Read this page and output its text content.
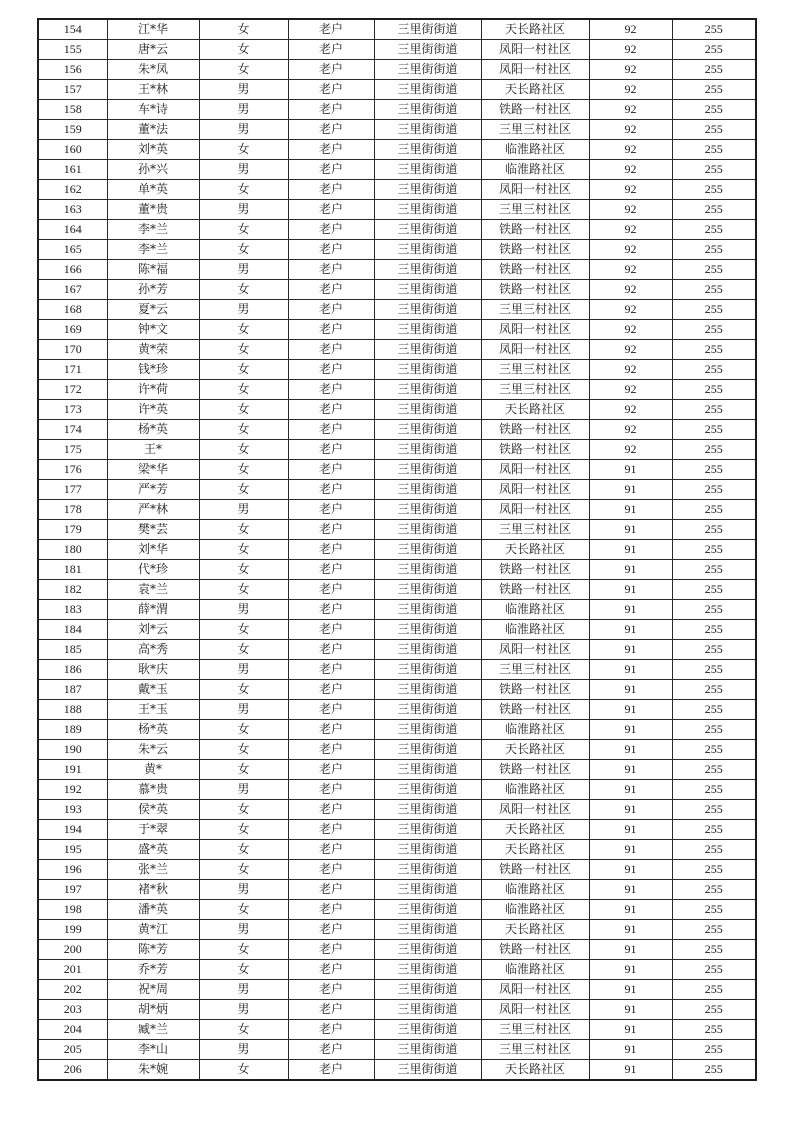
154	江*华	女	老户	三里街街道	天长路社区	92	255
155	唐*云	女	老户	三里街街道	凤阳一村社区	92	255
156	朱*凤	女	老户	三里街街道	凤阳一村社区	92	255
157	王*林	男	老户	三里街街道	天长路社区	92	255
158	车*诗	男	老户	三里街街道	铁路一村社区	92	255
159	董*法	男	老户	三里街街道	三里三村社区	92	255
160	刘*英	女	老户	三里街街道	临淮路社区	92	255
161	孙*兴	男	老户	三里街街道	临淮路社区	92	255
162	单*英	女	老户	三里街街道	凤阳一村社区	92	255
163	董*贵	男	老户	三里街街道	三里三村社区	92	255
164	李*兰	女	老户	三里街街道	铁路一村社区	92	255
165	李*兰	女	老户	三里街街道	铁路一村社区	92	255
166	陈*福	男	老户	三里街街道	铁路一村社区	92	255
167	孙*芳	女	老户	三里街街道	铁路一村社区	92	255
168	夏*云	男	老户	三里街街道	三里三村社区	92	255
169	钟*文	女	老户	三里街街道	凤阳一村社区	92	255
170	黄*荣	女	老户	三里街街道	凤阳一村社区	92	255
171	钱*珍	女	老户	三里街街道	三里三村社区	92	255
172	许*荷	女	老户	三里街街道	三里三村社区	92	255
173	许*英	女	老户	三里街街道	天长路社区	92	255
174	杨*英	女	老户	三里街街道	铁路一村社区	92	255
175	王*	女	老户	三里街街道	铁路一村社区	92	255
176	梁*华	女	老户	三里街街道	凤阳一村社区	91	255
177	严*芳	女	老户	三里街街道	凤阳一村社区	91	255
178	严*林	男	老户	三里街街道	凤阳一村社区	91	255
179	樊*芸	女	老户	三里街街道	三里三村社区	91	255
180	刘*华	女	老户	三里街街道	天长路社区	91	255
181	代*珍	女	老户	三里街街道	铁路一村社区	91	255
182	袁*兰	女	老户	三里街街道	铁路一村社区	91	255
183	薛*渭	男	老户	三里街街道	临淮路社区	91	255
184	刘*云	女	老户	三里街街道	临淮路社区	91	255
185	高*秀	女	老户	三里街街道	凤阳一村社区	91	255
186	耿*庆	男	老户	三里街街道	三里三村社区	91	255
187	戴*玉	女	老户	三里街街道	铁路一村社区	91	255
188	王*玉	男	老户	三里街街道	铁路一村社区	91	255
189	杨*英	女	老户	三里街街道	临淮路社区	91	255
190	朱*云	女	老户	三里街街道	天长路社区	91	255
191	黄*	女	老户	三里街街道	铁路一村社区	91	255
192	慕*贵	男	老户	三里街街道	临淮路社区	91	255
193	侯*英	女	老户	三里街街道	凤阳一村社区	91	255
194	于*翠	女	老户	三里街街道	天长路社区	91	255
195	盛*英	女	老户	三里街街道	天长路社区	91	255
196	张*兰	女	老户	三里街街道	铁路一村社区	91	255
197	褚*秋	男	老户	三里街街道	临淮路社区	91	255
198	潘*英	女	老户	三里街街道	临淮路社区	91	255
199	黄*江	男	老户	三里街街道	天长路社区	91	255
200	陈*芳	女	老户	三里街街道	铁路一村社区	91	255
201	乔*芳	女	老户	三里街街道	临淮路社区	91	255
202	祝*周	男	老户	三里街街道	凤阳一村社区	91	255
203	胡*炳	男	老户	三里街街道	凤阳一村社区	91	255
204	臧*兰	女	老户	三里街街道	三里三村社区	91	255
205	李*山	男	老户	三里街街道	三里三村社区	91	255
206	朱*婉	女	老户	三里街街道	天长路社区	91	255
